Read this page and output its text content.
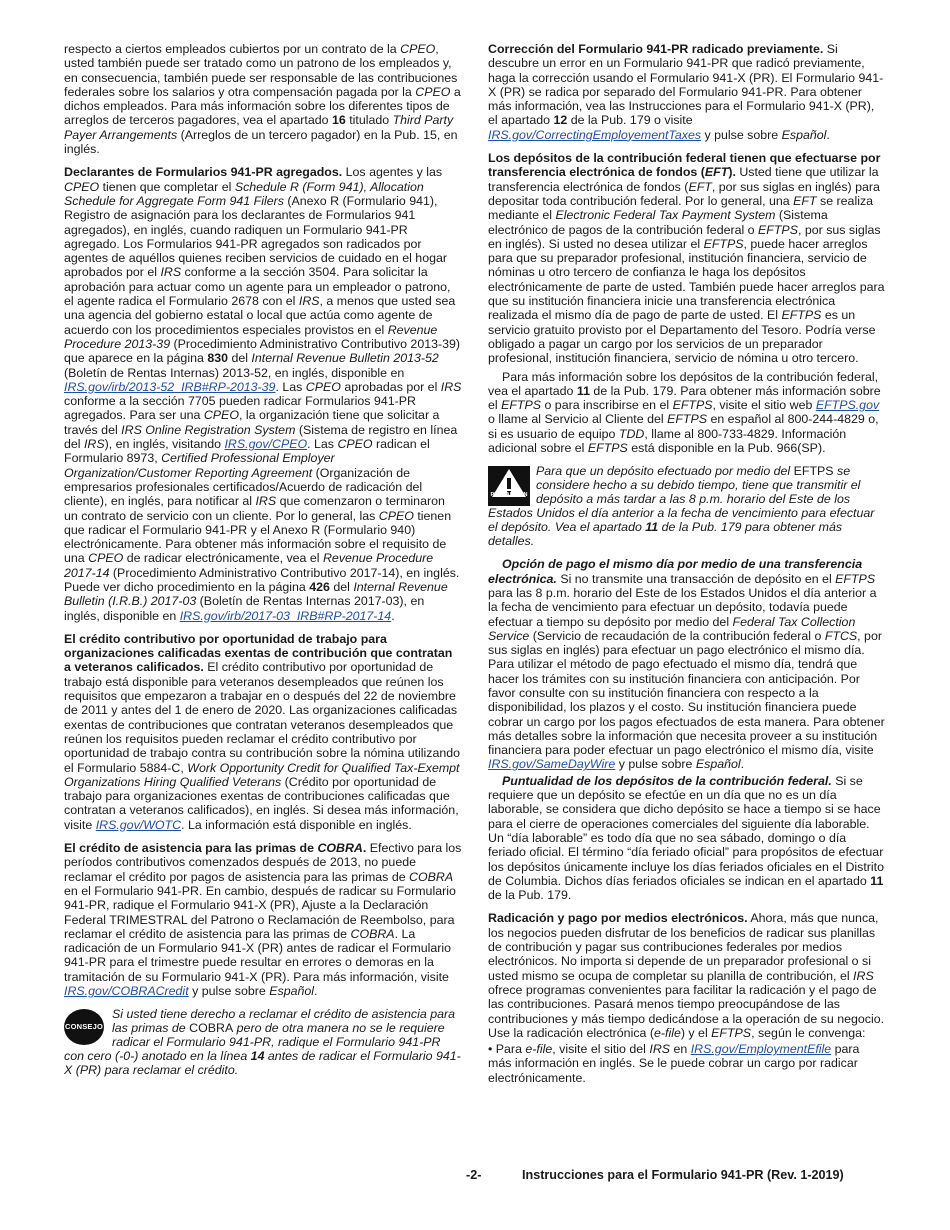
respecto a ciertos empleados cubiertos por un contrato de la CPEO, usted también puede ser tratado como un patrono de los empleados y, en consecuencia, también puede ser responsable de las contribuciones federales sobre los salarios y otra compensación pagada por la CPEO a dichos empleados. Para más información sobre los diferentes tipos de arreglos de terceros pagadores, vea el apartado 16 titulado Third Party Payer Arrangements (Arreglos de un tercero pagador) en la Pub. 15, en inglés.

Declarantes de Formularios 941-PR agregados. Los agentes y las CPEO tienen que completar el Schedule R (Form 941), Allocation Schedule for Aggregate Form 941 Filers (Anexo R (Formulario 941), Registro de asignación para los declarantes de Formularios 941 agregados), en inglés, cuando radiquen un Formulario 941-PR agregado. Los Formularios 941-PR agregados son radicados por agentes de aquéllos quienes reciben servicios de cuidado en el hogar aprobados por el IRS conforme a la sección 3504. Para solicitar la aprobación para actuar como un agente para un empleador o patrono, el agente radica el Formulario 2678 con el IRS, a menos que usted sea una agencia del gobierno estatal o local que actúa como agente de acuerdo con los procedimientos especiales provistos en el Revenue Procedure 2013-39 (Procedimiento Administrativo Contributivo 2013-39) que aparece en la página 830 del Internal Revenue Bulletin 2013-52 (Boletín de Rentas Internas) 2013-52, en inglés, disponible en IRS.gov/irb/2013-52_IRB#RP-2013-39. Las CPEO aprobadas por el IRS conforme a la sección 7705 pueden radicar Formularios 941-PR agregados. Para ser una CPEO, la organización tiene que solicitar a través del IRS Online Registration System (Sistema de registro en línea del IRS), en inglés, visitando IRS.gov/CPEO. Las CPEO radican el Formulario 8973, Certified Professional Employer Organization/Customer Reporting Agreement (Organización de empresarios profesionales certificados/Acuerdo de radicación del cliente), en inglés, para notificar al IRS que comenzaron o terminaron un contrato de servicio con un cliente. Por lo general, las CPEO tienen que radicar el Formulario 941-PR y el Anexo R (Formulario 940) electrónicamente. Para obtener más información sobre el requisito de una CPEO de radicar electrónicamente, vea el Revenue Procedure 2017-14 (Procedimiento Administrativo Contributivo 2017-14), en inglés. Puede ver dicho procedimiento en la página 426 del Internal Revenue Bulletin (I.R.B.) 2017-03 (Boletín de Rentas Internas 2017-03), en inglés, disponible en IRS.gov/irb/2017-03_IRB#RP-2017-14.

El crédito contributivo por oportunidad de trabajo para organizaciones calificadas exentas de contribución que contratan a veteranos calificados. El crédito contributivo por oportunidad de trabajo está disponible para veteranos desempleados que reúnen los requisitos que empezaron a trabajar en o después del 22 de noviembre de 2011 y antes del 1 de enero de 2020. Las organizaciones calificadas exentas de contribuciones que contratan veteranos desempleados que reúnen los requisitos pueden reclamar el crédito contributivo por oportunidad de trabajo contra su contribución sobre la nómina utilizando el Formulario 5884-C, Work Opportunity Credit for Qualified Tax-Exempt Organizations Hiring Qualified Veterans (Crédito por oportunidad de trabajo para organizaciones exentas de contribuciones calificadas que contratan a veteranos calificados), en inglés. Si desea más información, visite IRS.gov/WOTC. La información está disponible en inglés.

El crédito de asistencia para las primas de COBRA. Efectivo para los períodos contributivos comenzados después de 2013, no puede reclamar el crédito por pagos de asistencia para las primas de COBRA en el Formulario 941-PR. En cambio, después de radicar su Formulario 941-PR, radique el Formulario 941-X (PR), Ajuste a la Declaración Federal TRIMESTRAL del Patrono o Reclamación de Reembolso, para reclamar el crédito de asistencia para las primas de COBRA. La radicación de un Formulario 941-X (PR) antes de radicar el Formulario 941-PR para el trimestre puede resultar en errores o demoras en la tramitación de su Formulario 941-X (PR). Para más información, visite IRS.gov/COBRACredit y pulse sobre Español.

CONSEJO
Si usted tiene derecho a reclamar el crédito de asistencia para las primas de COBRA pero de otra manera no se le requiere radicar el Formulario 941-PR, radique el Formulario 941-PR con cero (-0-) anotado en la línea 14 antes de radicar el Formulario 941-X (PR) para reclamar el crédito.

Corrección del Formulario 941-PR radicado previamente. Si descubre un error en un Formulario 941-PR que radicó previamente, haga la corrección usando el Formulario 941-X (PR). El Formulario 941-X (PR) se radica por separado del Formulario 941-PR. Para obtener más información, vea las Instrucciones para el Formulario 941-X (PR), el apartado 12 de la Pub. 179 o visite IRS.gov/CorrectingEmployementTaxes y pulse sobre Español.

Los depósitos de la contribución federal tienen que efectuarse por transferencia electrónica de fondos (EFT). Usted tiene que utilizar la transferencia electrónica de fondos (EFT, por sus siglas en inglés) para depositar toda contribución federal. Por lo general, una EFT se realiza mediante el Electronic Federal Tax Payment System (Sistema electrónico de pagos de la contribución federal o EFTPS, por sus siglas en inglés). Si usted no desea utilizar el EFTPS, puede hacer arreglos para que su preparador profesional, institución financiera, servicio de nóminas u otro tercero de confianza le haga los depósitos electrónicamente de parte de usted. También puede hacer arreglos para que su institución financiera inicie una transferencia electrónica realizada el mismo día de pago de parte de usted. El EFTPS es un servicio gratuito provisto por el Departamento del Tesoro. Podría verse obligado a pagar un cargo por los servicios de un preparador profesional, institución financiera, servicio de nómina u otro tercero.

Para más información sobre los depósitos de la contribución federal, vea el apartado 11 de la Pub. 179. Para obtener más información sobre el EFTPS o para inscribirse en el EFTPS, visite el sitio web EFTPS.gov o llame al Servicio al Cliente del EFTPS en español al 800-244-4829 o, si es usuario de equipo TDD, llame al 800-733-4829. Información adicional sobre el EFTPS está disponible en la Pub. 966(SP).

PRECAUCION
Para que un depósito efectuado por medio del EFTPS se considere hecho a su debido tiempo, tiene que transmitir el depósito a más tardar a las 8 p.m. horario del Este de los Estados Unidos el día anterior a la fecha de vencimiento para efectuar el depósito. Vea el apartado 11 de la Pub. 179 para obtener más detalles.

Opción de pago el mismo día por medio de una transferencia electrónica. Si no transmite una transacción de depósito en el EFTPS para las 8 p.m. horario del Este de los Estados Unidos el día anterior a la fecha de vencimiento para efectuar un depósito, todavía puede efectuar a tiempo su depósito por medio del Federal Tax Collection Service (Servicio de recaudación de la contribución federal o FTCS, por sus siglas en inglés) para efectuar un pago electrónico el mismo día. Para utilizar el método de pago efectuado el mismo día, tendrá que hacer los trámites con su institución financiera con anticipación. Por favor consulte con su institución financiera con respecto a la disponibilidad, los plazos y el costo. Su institución financiera puede cobrar un cargo por los pagos efectuados de esta manera. Para obtener más detalles sobre la información que necesita proveer a su institución financiera para poder efectuar un pago electrónico el mismo día, visite IRS.gov/SameDayWire y pulse sobre Español.

Puntualidad de los depósitos de la contribución federal. Si se requiere que un depósito se efectúe en un día que no es un día laborable, se considera que dicho depósito se hace a tiempo si se hace para el cierre de operaciones comerciales del siguiente día laborable. Un “día laborable” es todo día que no sea sábado, domingo o día feriado oficial. El término “día feriado oficial” para propósitos de efectuar los depósitos únicamente incluye los días feriados oficiales en el Distrito de Columbia. Dichos días feriados oficiales se indican en el apartado 11 de la Pub. 179.

Radicación y pago por medios electrónicos. Ahora, más que nunca, los negocios pueden disfrutar de los beneficios de radicar sus planillas de contribución y pagar sus contribuciones federales por medios electrónicos. No importa si depende de un preparador profesional o si usted mismo se ocupa de completar su planilla de contribución, el IRS ofrece programas convenientes para facilitar la radicación y el pago de las contribuciones. Pasará menos tiempo preocupándose de las contribuciones y más tiempo dedicándose a la operación de su negocio. Use la radicación electrónica (e-file) y el EFTPS, según le convenga:

• Para e-file, visite el sitio del IRS en IRS.gov/EmploymentEfile para más información en inglés. Se le puede cobrar un cargo por radicar electrónicamente.

-2-	Instrucciones para el Formulario 941-PR (Rev. 1-2019)
